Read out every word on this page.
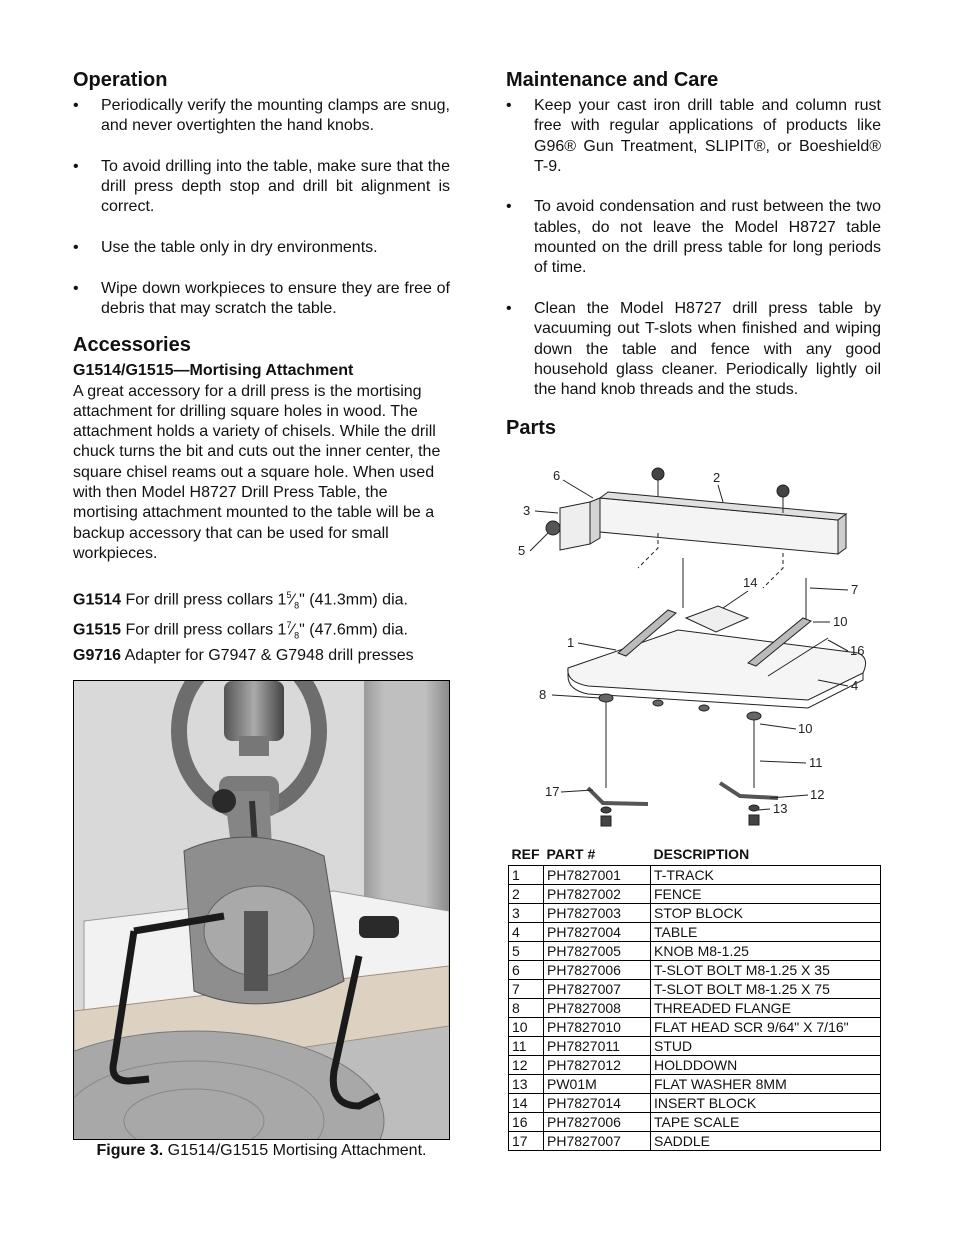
Operation
• Periodically verify the mounting clamps are snug, and never overtighten the hand knobs.
• To avoid drilling into the table, make sure that the drill press depth stop and drill bit alignment is correct.
• Use the table only in dry environments.
• Wipe down workpieces to ensure they are free of debris that may scratch the table.
Accessories
G1514/G1515—Mortising Attachment

A great accessory for a drill press is the mortising attachment for drilling square holes in wood. The attachment holds a variety of chisels. While the drill chuck turns the bit and cuts out the inner center, the square chisel reams out a square hole. When used with then Model H8727 Drill Press Table, the mortising attachment mounted to the table will be a backup accessory that can be used for small workpieces.

G1514 For drill press collars $1^5⁄_8$" (41.3mm) dia.
G1515 For drill press collars $1^7⁄_8$" (47.6mm) dia.
G9716 Adapter for G7947 & G7948 drill presses
Figure 3. G1514/G1515 Mortising Attachment.
Maintenance and Care
• Keep your cast iron drill table and column rust free with regular applications of products like G96® Gun Treatment, SLIPIT®, or Boeshield® T-9.
• To avoid condensation and rust between the two tables, do not leave the Model H8727 table mounted on the drill press table for long periods of time.
• Clean the Model H8727 drill press table by vacuuming out T-slots when finished and wiping down the table and fence with any good household glass cleaner. Periodically lightly oil the hand knob threads and the studs.
Parts
6	2
3
5
14	7
10
1
16
4
8
10
11
17	12
13
REF	PART #	DESCRIPTION
1	PH7827001	T-TRACK
2	PH7827002	FENCE
3	PH7827003	STOP BLOCK
4	PH7827004	TABLE
5	PH7827005	KNOB M8-1.25
6	PH7827006	T-SLOT BOLT M8-1.25 X 35
7	PH7827007	T-SLOT BOLT M8-1.25 X 75
8	PH7827008	THREADED FLANGE
10	PH7827010	FLAT HEAD SCR 9/64" X 7/16"
11	PH7827011	STUD
12	PH7827012	HOLDDOWN
13	PW01M	FLAT WASHER 8MM
14	PH7827014	INSERT BLOCK
16	PH7827006	TAPE SCALE
17	PH7827007	SADDLE
